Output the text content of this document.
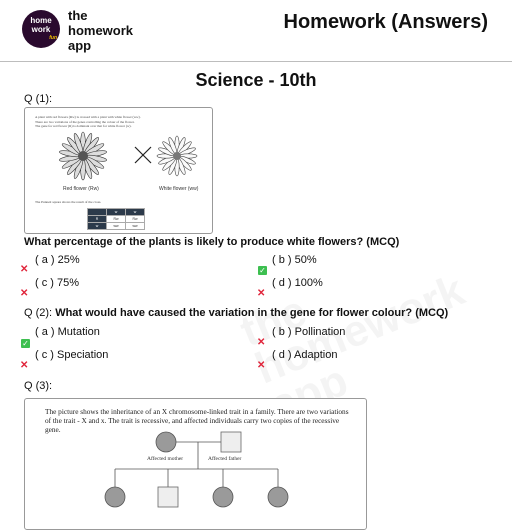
home
work
fun
the
homework
app
Homework (Answers)
Science - 10th
Q (1):
A plant with red flowers (Rw) is crossed with a plant with white flower (ww).
There are two variations of the genes controlling the colour of the flower.
The gene for red flower (R) is dominant over that for white flower (w).
Red flower (Rw)	White flower (ww)
The Punnett square shows the result of the cross.
	w	w
R	Rw	Rw
w	ww	ww
What percentage of the plants is likely to produce white flowers? (MCQ)
( a ) 25%
✕
( b ) 50%
✓
( c ) 75%
✕
( d ) 100%
✕
Q (2): What would have caused the variation in the gene for flower colour? (MCQ)
( a ) Mutation
✓
( b ) Pollination
✕
( c ) Speciation
✕
( d ) Adaption
✕
Q (3):
The picture shows the inheritance of an X chromosome-linked trait in a family. There are two variations of the trait - X and x. The trait is recessive, and affected individuals carry two copies of the recessive gene.
Affected mother	Affected father
